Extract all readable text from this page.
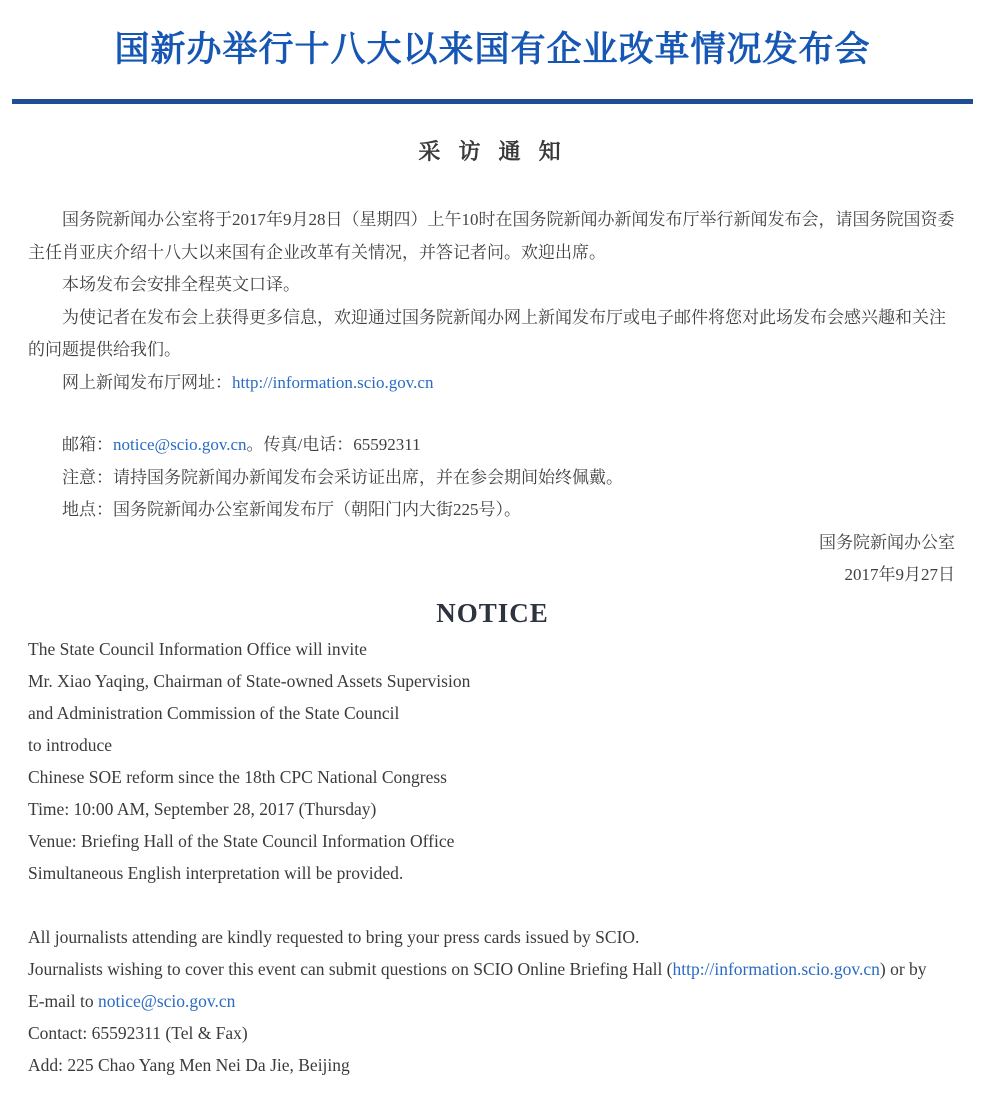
国新办举行十八大以来国有企业改革情况发布会
采 访 通 知

国务院新闻办公室将于2017年9月28日（星期四）上午10时在国务院新闻办新闻发布厅举行新闻发布会，请国务院国资委主任肖亚庆介绍十八大以来国有企业改革有关情况，并答记者问。欢迎出席。

本场发布会安排全程英文口译。

为使记者在发布会上获得更多信息，欢迎通过国务院新闻办网上新闻发布厅或电子邮件将您对此场发布会感兴趣和关注的问题提供给我们。

网上新闻发布厅网址：http://information.scio.gov.cn

邮箱：notice@scio.gov.cn。传真/电话：65592311

注意：请持国务院新闻办新闻发布会采访证出席，并在参会期间始终佩戴。

地点：国务院新闻办公室新闻发布厅（朝阳门内大街225号）。

国务院新闻办公室

2017年9月27日

NOTICE

The State Council Information Office will invite

Mr. Xiao Yaqing, Chairman of State-owned Assets Supervision

and Administration Commission of the State Council

to introduce

Chinese SOE reform since the 18th CPC National Congress

Time: 10:00 AM, September 28, 2017 (Thursday)

Venue: Briefing Hall of the State Council Information Office

Simultaneous English interpretation will be provided.

All journalists attending are kindly requested to bring your press cards issued by SCIO.

Journalists wishing to cover this event can submit questions on SCIO Online Briefing Hall (http://information.scio.gov.cn) or by

E-mail to notice@scio.gov.cn

Contact: 65592311 (Tel & Fax)

Add: 225 Chao Yang Men Nei Da Jie, Beijing
